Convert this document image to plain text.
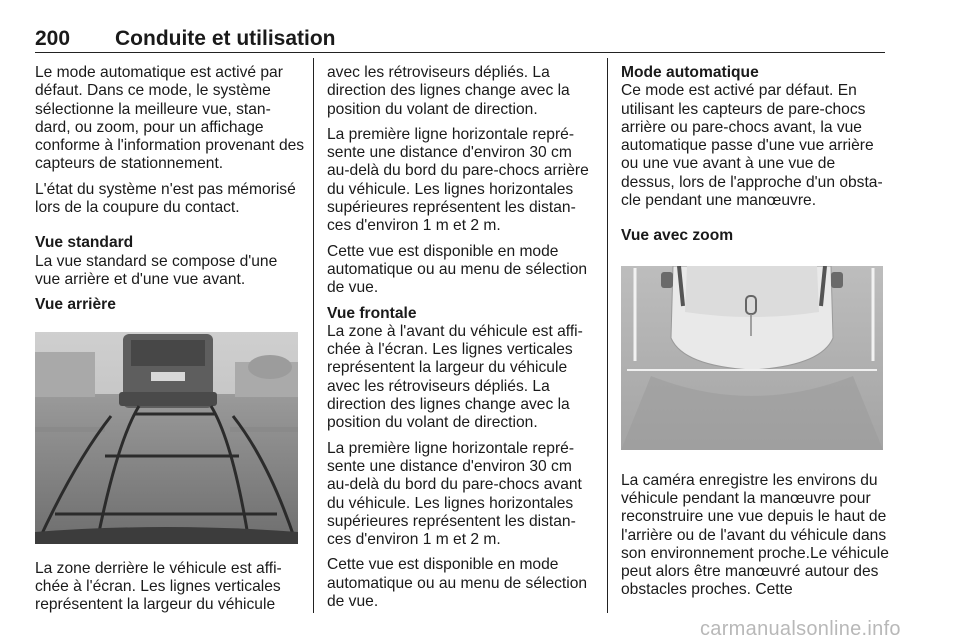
200 Conduite et utilisation

Le mode automatique est activé par défaut. Dans ce mode, le système sélectionne la meilleure vue, stan-dard, ou zoom, pour un affichage conforme à l'information provenant des capteurs de stationnement.

L'état du système n'est pas mémorisé lors de la coupure du contact.

Vue standard

La vue standard se compose d'une vue arrière et d'une vue avant.

Vue arrière

La zone derrière le véhicule est affi-chée à l'écran. Les lignes verticales représentent la largeur du véhicule

avec les rétroviseurs dépliés. La direction des lignes change avec la position du volant de direction.

La première ligne horizontale repré-sente une distance d'environ 30 cm au-delà du bord du pare-chocs arrière du véhicule. Les lignes horizontales supérieures représentent les distan-ces d'environ 1 m et 2 m.

Cette vue est disponible en mode automatique ou au menu de sélection de vue.

Vue frontale

La zone à l'avant du véhicule est affi-chée à l'écran. Les lignes verticales représentent la largeur du véhicule avec les rétroviseurs dépliés. La direction des lignes change avec la position du volant de direction.

La première ligne horizontale repré-sente une distance d'environ 30 cm au-delà du bord du pare-chocs avant du véhicule. Les lignes horizontales supérieures représentent les distan-ces d'environ 1 m et 2 m.

Cette vue est disponible en mode automatique ou au menu de sélection de vue.

Mode automatique

Ce mode est activé par défaut. En utilisant les capteurs de pare-chocs arrière ou pare-chocs avant, la vue automatique passe d'une vue arrière ou une vue avant à une vue de dessus, lors de l'approche d'un obsta-cle pendant une manœuvre.

Vue avec zoom

La caméra enregistre les environs du véhicule pendant la manœuvre pour reconstruire une vue depuis le haut de l'arrière ou de l'avant du véhicule dans son environnement proche.Le véhicule peut alors être manœuvré autour des obstacles proches. Cette

carmanualsonline.info
